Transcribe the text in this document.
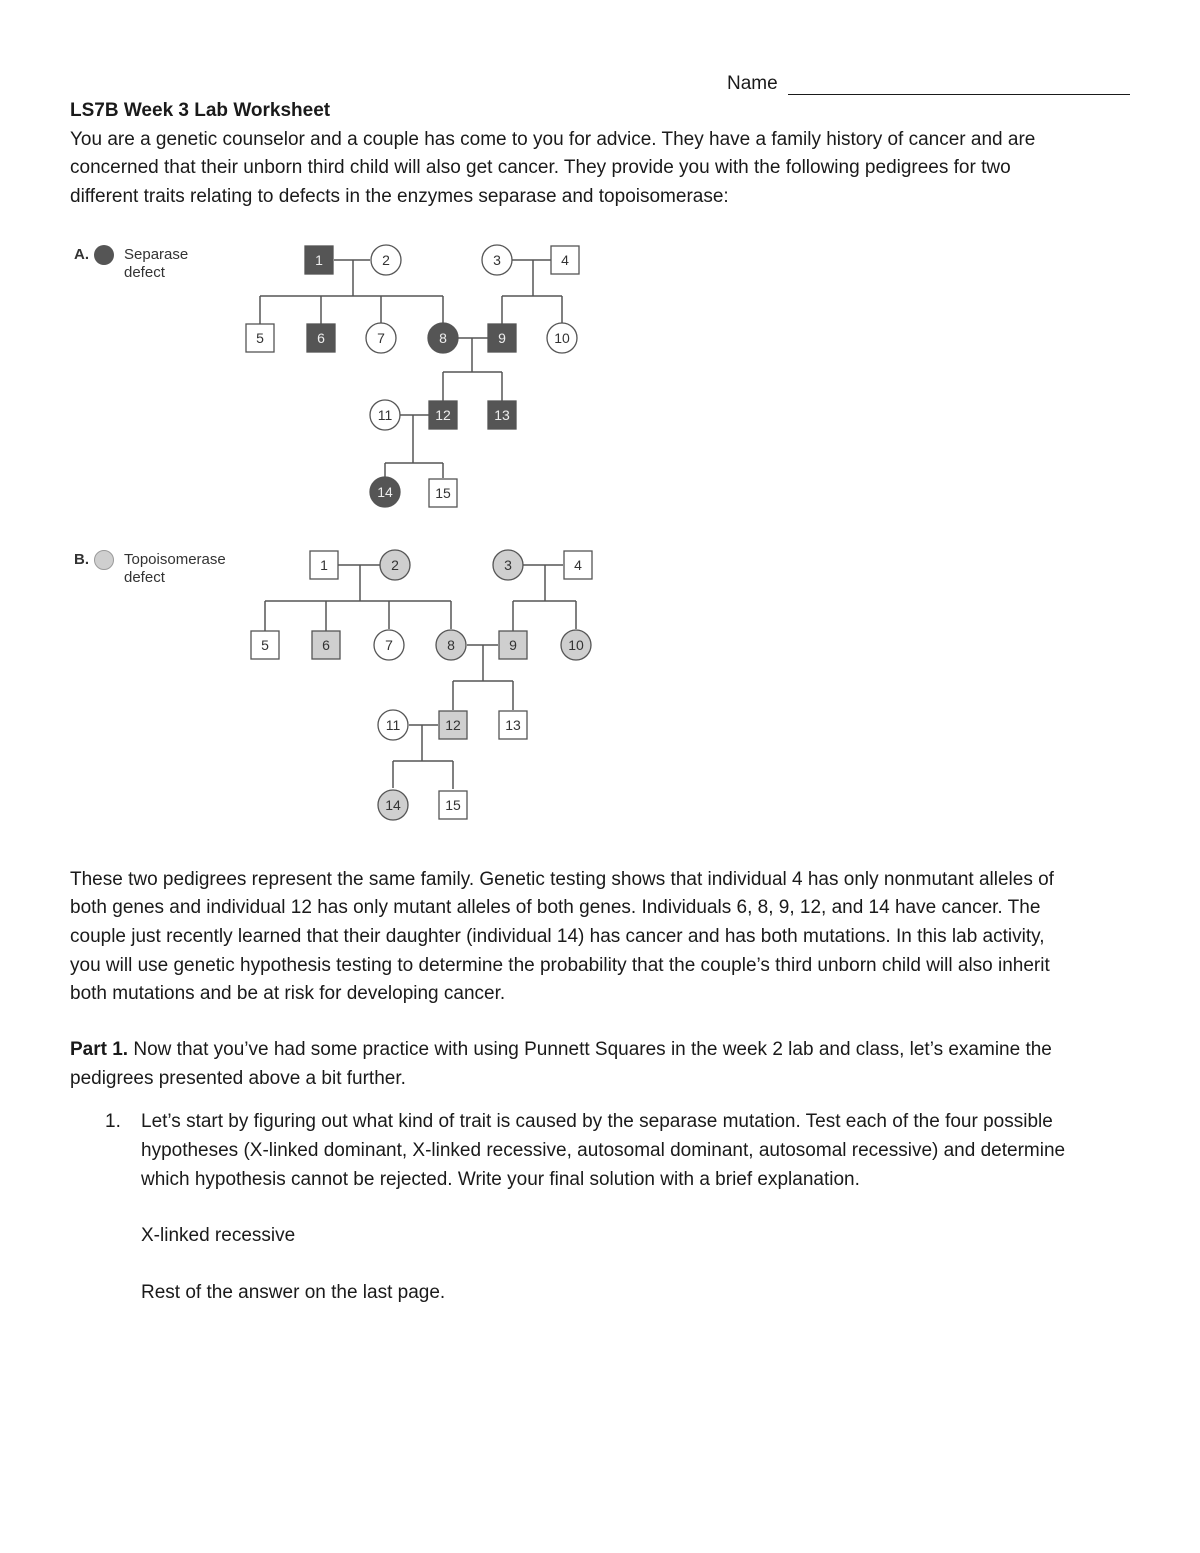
Name
LS7B Week 3 Lab Worksheet
You are a genetic counselor and a couple has come to you for advice. They have a family history of cancer and are
concerned that their unborn third child will also get cancer. They provide you with the following pedigrees for two
different traits relating to defects in the enzymes separase and topoisomerase:
A. Separase
defect
B. Topoisomerase
defect
1	2	3	4
5	6	7	8	9	10
11	12	13
14	15
1	2	3	4
5	6	7	8	9	10
11	12	13
14	15
These two pedigrees represent the same family. Genetic testing shows that individual 4 has only nonmutant alleles of
both genes and individual 12 has only mutant alleles of both genes. Individuals 6, 8, 9, 12, and 14 have cancer. The
couple just recently learned that their daughter (individual 14) has cancer and has both mutations. In this lab activity,
you will use genetic hypothesis testing to determine the probability that the couple’s third unborn child will also inherit
both mutations and be at risk for developing cancer.
Part 1. Now that you’ve had some practice with using Punnett Squares in the week 2 lab and class, let’s examine the
pedigrees presented above a bit further.
1. Let’s start by figuring out what kind of trait is caused by the separase mutation. Test each of the four possible
hypotheses (X-linked dominant, X-linked recessive, autosomal dominant, autosomal recessive) and determine
which hypothesis cannot be rejected. Write your final solution with a brief explanation.
X-linked recessive
Rest of the answer on the last page.
